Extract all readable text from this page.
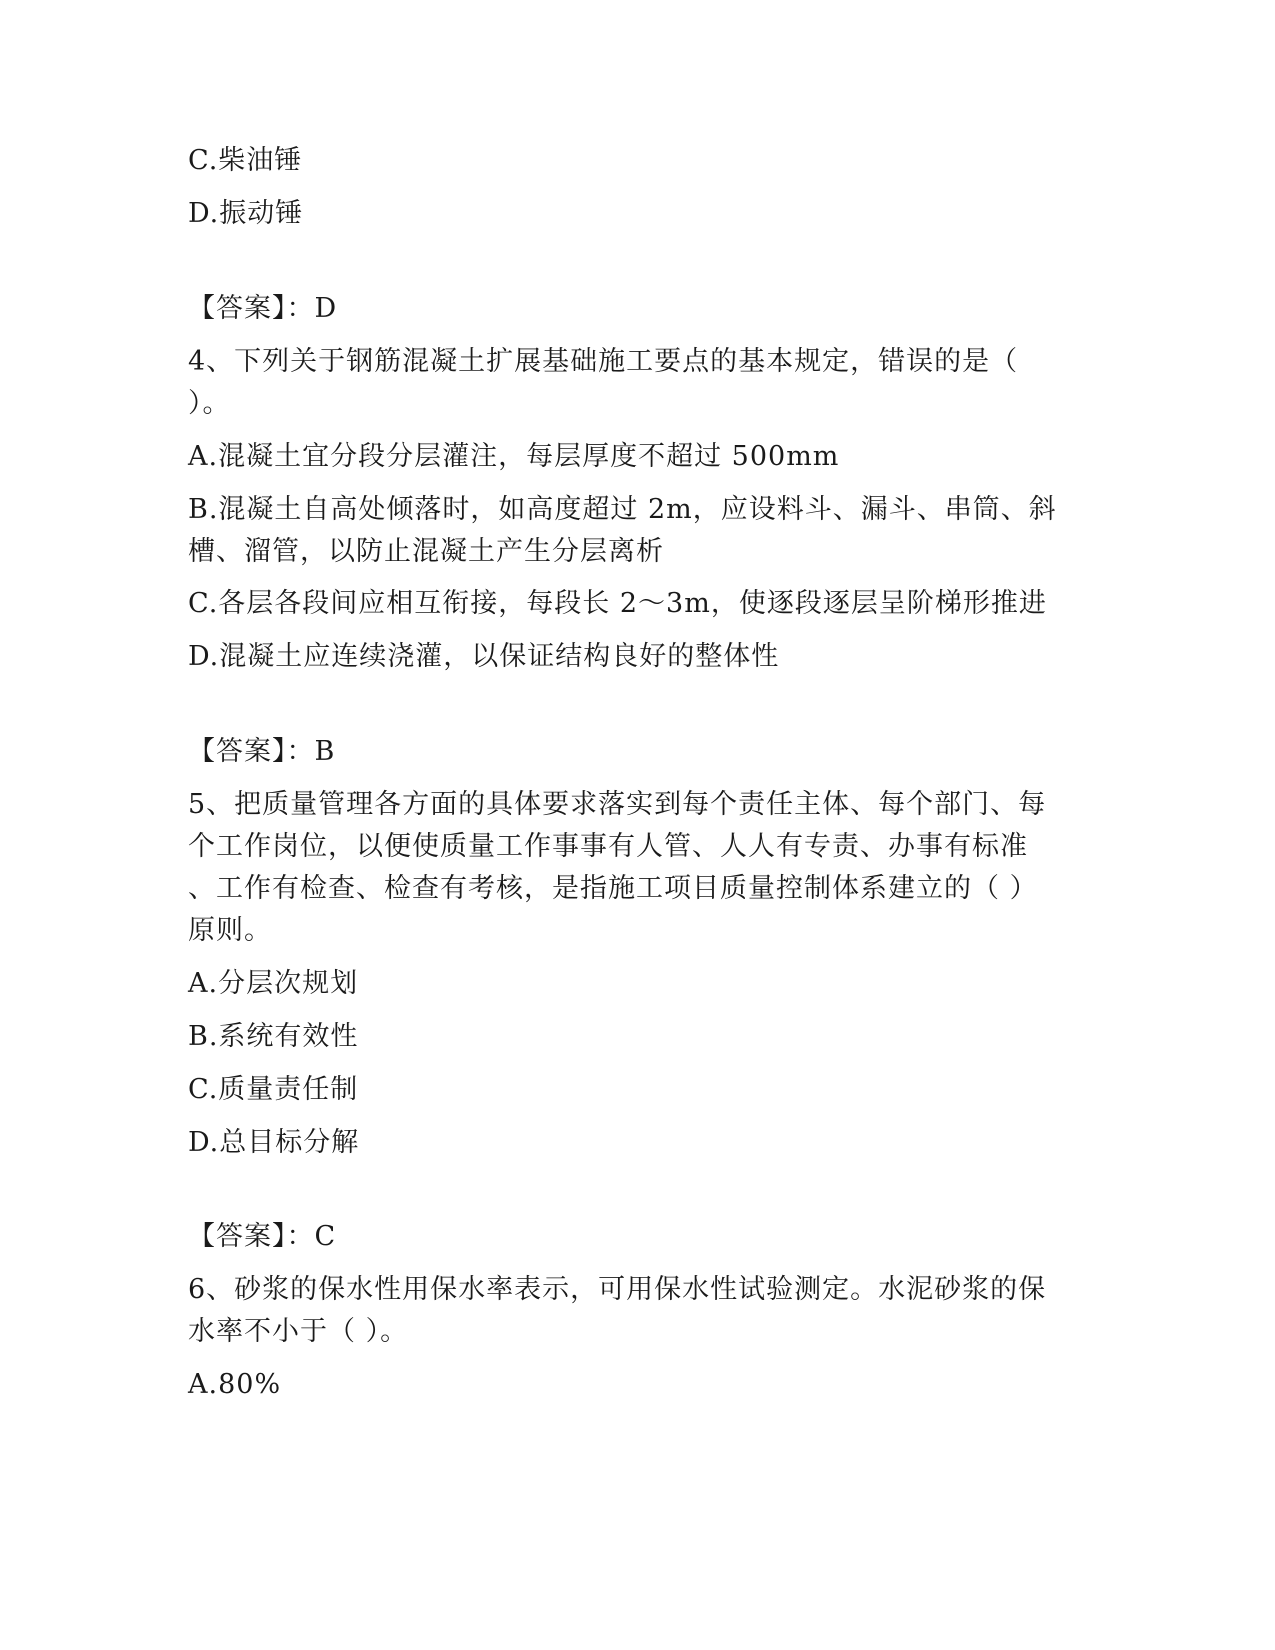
C.柴油锤
D.振动锤
【答案】：D
4、下列关于钢筋混凝土扩展基础施工要点的基本规定，错误的是（
）。
A.混凝土宜分段分层灌注，每层厚度不超过 500mm
B.混凝土自高处倾落时，如高度超过 2m，应设料斗、漏斗、串筒、斜
槽、溜管，以防止混凝土产生分层离析
C.各层各段间应相互衔接，每段长 2～3m，使逐段逐层呈阶梯形推进
D.混凝土应连续浇灌，以保证结构良好的整体性
【答案】：B
5、把质量管理各方面的具体要求落实到每个责任主体、每个部门、每
个工作岗位，以便使质量工作事事有人管、人人有专责、办事有标准
、工作有检查、检查有考核，是指施工项目质量控制体系建立的（ ）
原则。
A.分层次规划
B.系统有效性
C.质量责任制
D.总目标分解
【答案】：C
6、砂浆的保水性用保水率表示，可用保水性试验测定。水泥砂浆的保
水率不小于（ ）。
A.80%
